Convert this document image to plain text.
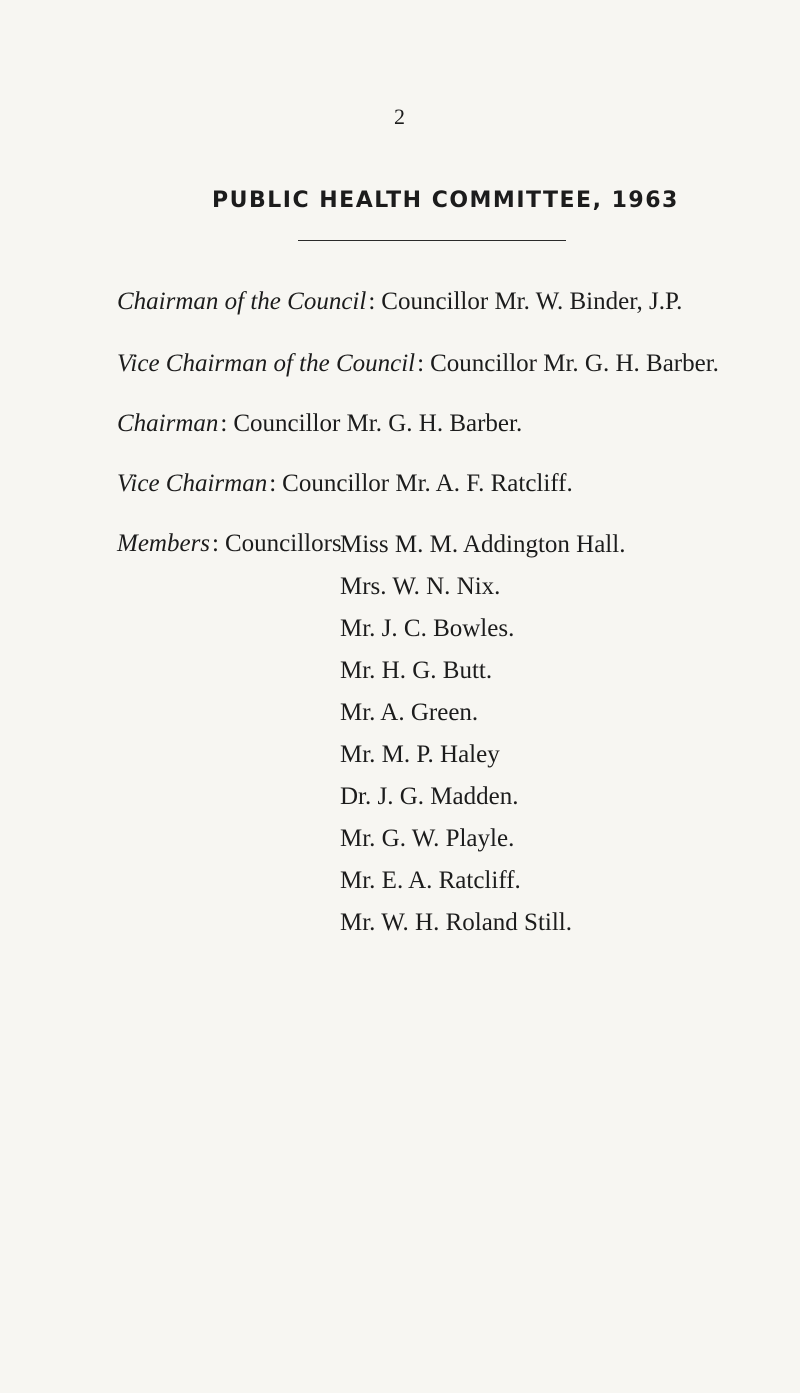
2
PUBLIC HEALTH COMMITTEE, 1963
Chairman of the Council: Councillor Mr. W. Binder, J.P.
Vice Chairman of the Council: Councillor Mr. G. H. Barber.
Chairman: Councillor Mr. G. H. Barber.
Vice Chairman: Councillor Mr. A. F. Ratcliff.
Members: Councillors
Miss M. M. Addington Hall.
Mrs. W. N. Nix.
Mr. J. C. Bowles.
Mr. H. G. Butt.
Mr. A. Green.
Mr. M. P. Haley
Dr. J. G. Madden.
Mr. G. W. Playle.
Mr. E. A. Ratcliff.
Mr. W. H. Roland Still.
